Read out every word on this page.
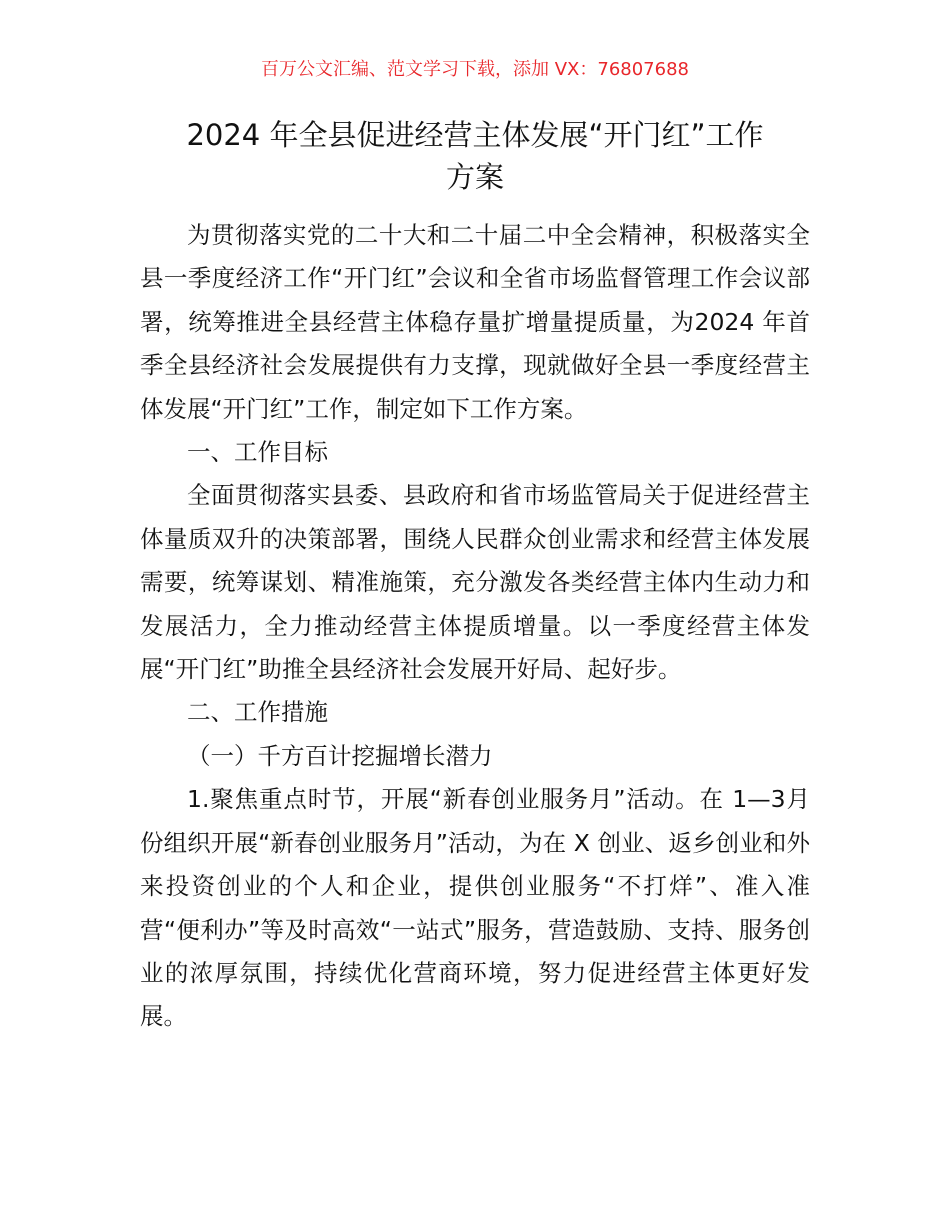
百万公文汇编、范文学习下载，添加 VX：76807688
2024 年全县促进经营主体发展“开门红”工作
方案

为贯彻落实党的二十大和二十届二中全会精神，积极落实全县一季度经济工作“开门红”会议和全省市场监督管理工作会议部署，统筹推进全县经营主体稳存量扩增量提质量，为2024 年首季全县经济社会发展提供有力支撑，现就做好全县一季度经营主体发展“开门红”工作，制定如下工作方案。

一、工作目标

全面贯彻落实县委、县政府和省市场监管局关于促进经营主体量质双升的决策部署，围绕人民群众创业需求和经营主体发展需要，统筹谋划、精准施策，充分激发各类经营主体内生动力和发展活力，全力推动经营主体提质增量。以一季度经营主体发展“开门红”助推全县经济社会发展开好局、起好步。

二、工作措施

（一）千方百计挖掘增长潜力

1.聚焦重点时节，开展“新春创业服务月”活动。在 1—3月份组织开展“新春创业服务月”活动，为在 X 创业、返乡创业和外来投资创业的个人和企业，提供创业服务“不打烊”、准入准营“便利办”等及时高效“一站式”服务，营造鼓励、支持、服务创业的浓厚氛围，持续优化营商环境，努力促进经营主体更好发展。
